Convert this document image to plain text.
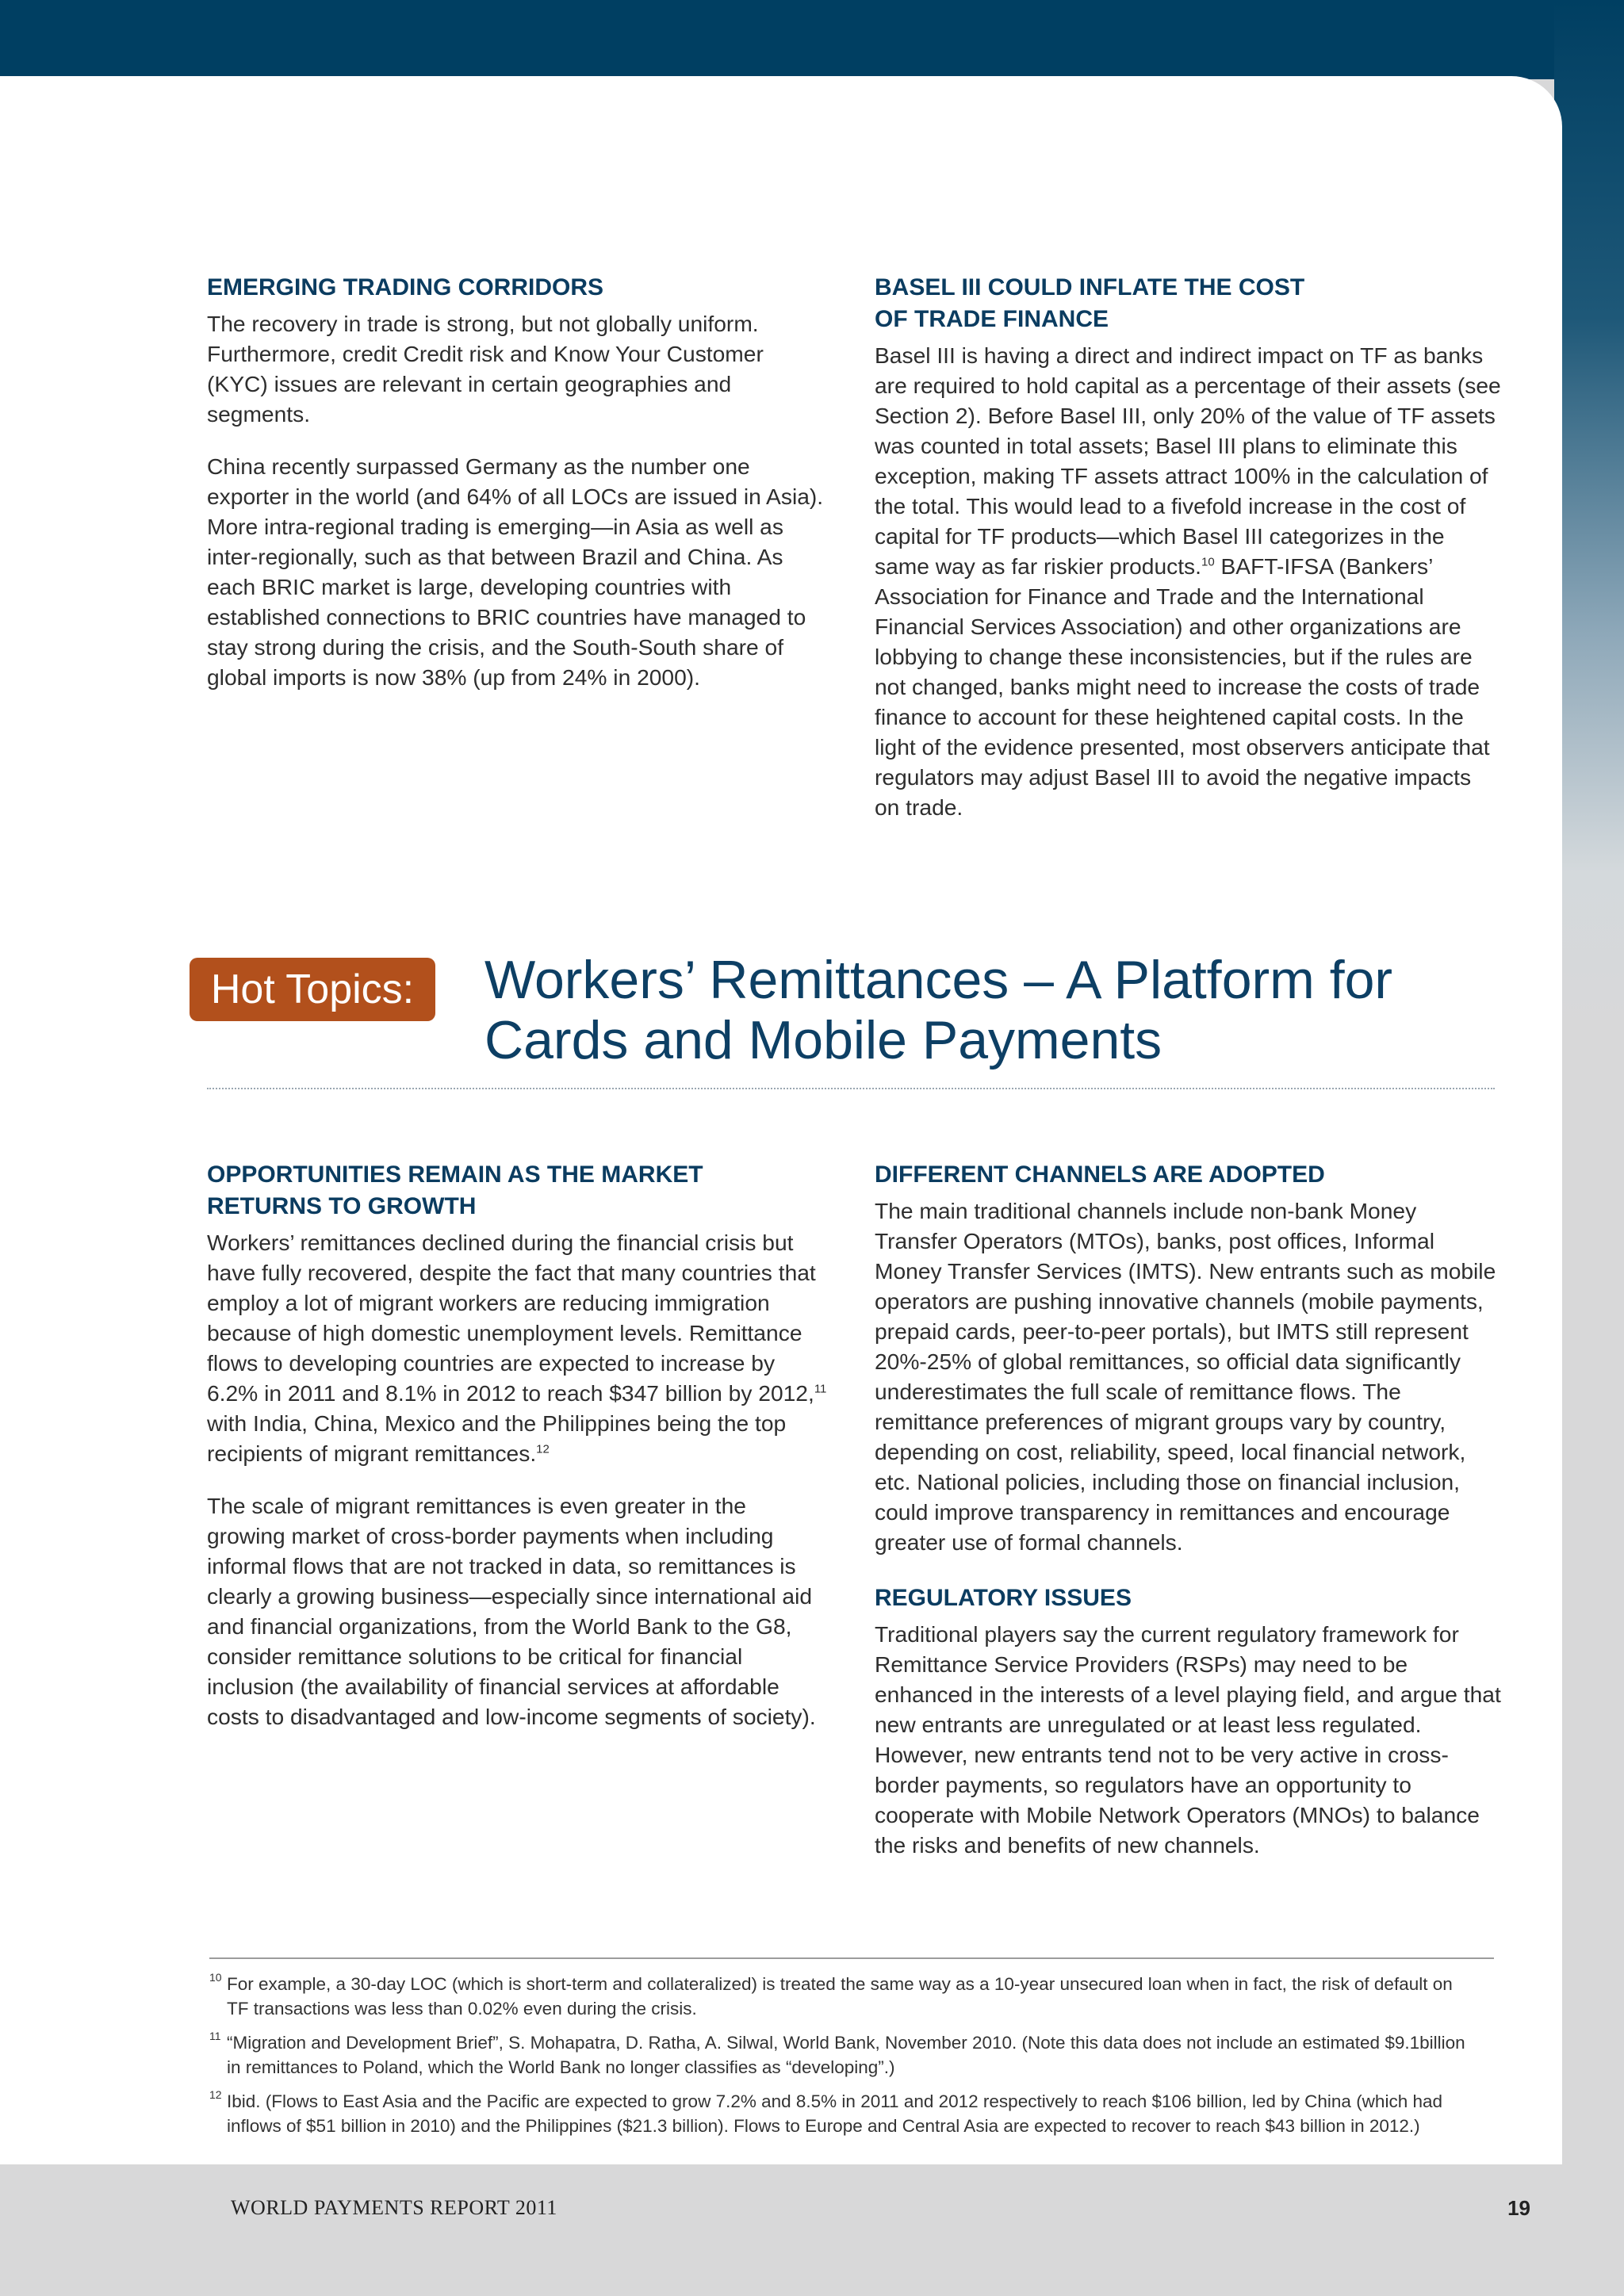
EMERGING TRADING CORRIDORS

The recovery in trade is strong, but not globally uniform. Furthermore, credit Credit risk and Know Your Customer (KYC) issues are relevant in certain geographies and segments.

China recently surpassed Germany as the number one exporter in the world (and 64% of all LOCs are issued in Asia). More intra-regional trading is emerging—in Asia as well as inter-regionally, such as that between Brazil and China. As each BRIC market is large, developing countries with established connections to BRIC countries have managed to stay strong during the crisis, and the South-South share of global imports is now 38% (up from 24% in 2000).

BASEL III COULD INFLATE THE COST
OF TRADE FINANCE

Basel III is having a direct and indirect impact on TF as banks are required to hold capital as a percentage of their assets (see Section 2). Before Basel III, only 20% of the value of TF assets was counted in total assets; Basel III plans to eliminate this exception, making TF assets attract 100% in the calculation of the total. This would lead to a fivefold increase in the cost of capital for TF products—which Basel III categorizes in the same way as far riskier products.$^{10}$ BAFT-IFSA (Bankers’ Association for Finance and Trade and the International Financial Services Association) and other organizations are lobbying to change these inconsistencies, but if the rules are not changed, banks might need to increase the costs of trade finance to account for these heightened capital costs. In the light of the evidence presented, most observers anticipate that regulators may adjust Basel III to avoid the negative impacts on trade.

Hot Topics:	Workers’ Remittances – A Platform for
Cards and Mobile Payments
OPPORTUNITIES REMAIN AS THE MARKET
RETURNS TO GROWTH

Workers’ remittances declined during the financial crisis but have fully recovered, despite the fact that many countries that employ a lot of migrant workers are reducing immigration because of high domestic unemployment levels. Remittance flows to developing countries are expected to increase by 6.2% in 2011 and 8.1% in 2012 to reach $347 billion by 2012,11 with India, China, Mexico and the Philippines being the top recipients of migrant remittances.$^{12}$

The scale of migrant remittances is even greater in the growing market of cross-border payments when including informal flows that are not tracked in data, so remittances is clearly a growing business—especially since international aid and financial organizations, from the World Bank to the G8, consider remittance solutions to be critical for financial inclusion (the availability of financial services at affordable costs to disadvantaged and low-income segments of society).

DIFFERENT CHANNELS ARE ADOPTED

The main traditional channels include non-bank Money Transfer Operators (MTOs), banks, post offices, Informal Money Transfer Services (IMTS). New entrants such as mobile operators are pushing innovative channels (mobile payments, prepaid cards, peer-to-peer portals), but IMTS still represent 20%-25% of global remittances, so official data significantly underestimates the full scale of remittance flows. The remittance preferences of migrant groups vary by country, depending on cost, reliability, speed, local financial network, etc. National policies, including those on financial inclusion, could improve transparency in remittances and encourage greater use of formal channels.

REGULATORY ISSUES

Traditional players say the current regulatory framework for Remittance Service Providers (RSPs) may need to be enhanced in the interests of a level playing field, and argue that new entrants are unregulated or at least less regulated. However, new entrants tend not to be very active in cross-border payments, so regulators have an opportunity to cooperate with Mobile Network Operators (MNOs) to balance the risks and benefits of new channels.

10 For example, a 30-day LOC (which is short-term and collateralized) is treated the same way as a 10-year unsecured loan when in fact, the risk of default on TF transactions was less than 0.02% even during the crisis.

11 “Migration and Development Brief”, S. Mohapatra, D. Ratha, A. Silwal, World Bank, November 2010. (Note this data does not include an estimated $9.1billion in remittances to Poland, which the World Bank no longer classifies as “developing”.)

12 Ibid. (Flows to East Asia and the Pacific are expected to grow 7.2% and 8.5% in 2011 and 2012 respectively to reach $106 billion, led by China (which had inflows of $51 billion in 2010) and the Philippines ($21.3 billion). Flows to Europe and Central Asia are expected to recover to reach $43 billion in 2012.)

WORLD PAYMENTS REPORT 2011	19
